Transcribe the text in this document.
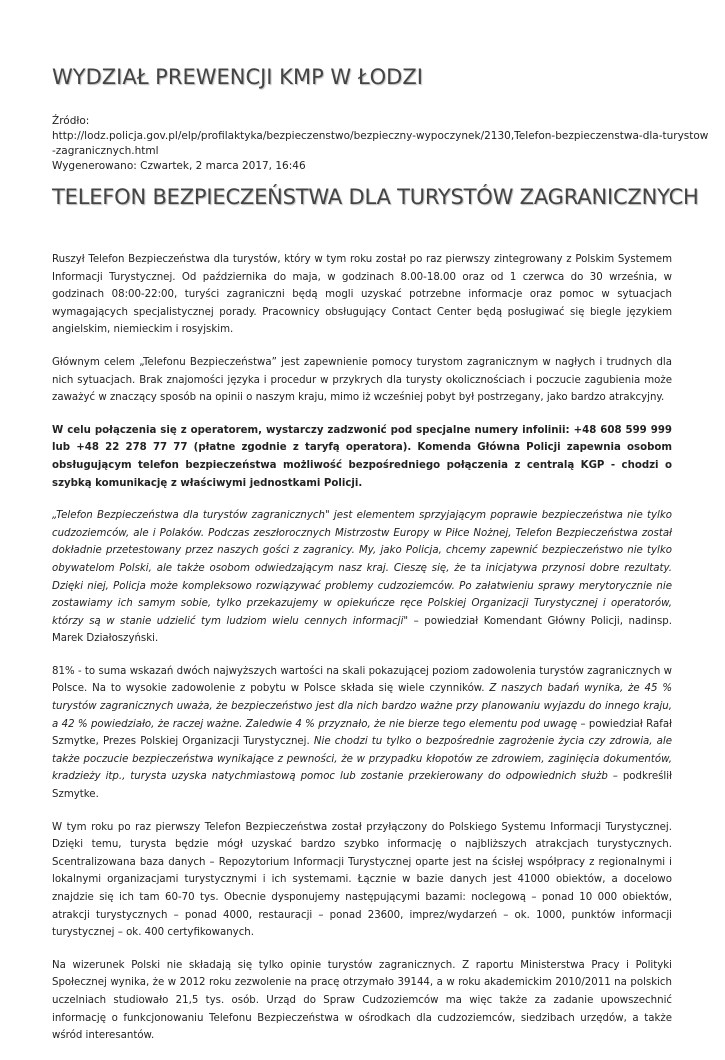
WYDZIAŁ PREWENCJI KMP W ŁODZI
Źródło:
http://lodz.policja.gov.pl/elp/profilaktyka/bezpieczenstwo/bezpieczny-wypoczynek/2130,Telefon-bezpieczenstwa-dla-turystow
-zagranicznych.html
Wygenerowano: Czwartek, 2 marca 2017, 16:46
TELEFON BEZPIECZEŃSTWA DLA TURYSTÓW ZAGRANICZNYCH

Ruszył Telefon Bezpieczeństwa dla turystów, który w tym roku został po raz pierwszy zintegrowany z Polskim Systemem Informacji Turystycznej. Od października do maja, w godzinach 8.00-18.00 oraz od 1 czerwca do 30 września, w godzinach 08:00-22:00, turyści zagraniczni będą mogli uzyskać potrzebne informacje oraz pomoc w sytuacjach wymagających specjalistycznej porady. Pracownicy obsługujący Contact Center będą posługiwać się biegle językiem angielskim, niemieckim i rosyjskim.

Głównym celem „Telefonu Bezpieczeństwa” jest zapewnienie pomocy turystom zagranicznym w nagłych i trudnych dla nich sytuacjach. Brak znajomości języka i procedur w przykrych dla turysty okolicznościach i poczucie zagubienia może zaważyć w znaczący sposób na opinii o naszym kraju, mimo iż wcześniej pobyt był postrzegany, jako bardzo atrakcyjny.

W celu połączenia się z operatorem, wystarczy zadzwonić pod specjalne numery infolinii: +48 608 599 999 lub +48 22 278 77 77 (płatne zgodnie z taryfą operatora). Komenda Główna Policji zapewnia osobom obsługującym telefon bezpieczeństwa możliwość bezpośredniego połączenia z centralą KGP - chodzi o szybką komunikację z właściwymi jednostkami Policji.

„Telefon Bezpieczeństwa dla turystów zagranicznych" jest elementem sprzyjającym poprawie bezpieczeństwa nie tylko cudzoziemców, ale i Polaków. Podczas zeszłorocznych Mistrzostw Europy w Piłce Nożnej, Telefon Bezpieczeństwa został dokładnie przetestowany przez naszych gości z zagranicy. My, jako Policja, chcemy zapewnić bezpieczeństwo nie tylko obywatelom Polski, ale także osobom odwiedzającym nasz kraj. Cieszę się, że ta inicjatywa przynosi dobre rezultaty. Dzięki niej, Policja może kompleksowo rozwiązywać problemy cudzoziemców. Po załatwieniu sprawy merytorycznie nie zostawiamy ich samym sobie, tylko przekazujemy w opiekuńcze ręce Polskiej Organizacji Turystycznej i operatorów, którzy są w stanie udzielić tym ludziom wielu cennych informacji" – powiedział Komendant Główny Policji, nadinsp. Marek Działoszyński.

81% - to suma wskazań dwóch najwyższych wartości na skali pokazującej poziom zadowolenia turystów zagranicznych w Polsce. Na to wysokie zadowolenie z pobytu w Polsce składa się wiele czynników. Z naszych badań wynika, że 45 % turystów zagranicznych uważa, że bezpieczeństwo jest dla nich bardzo ważne przy planowaniu wyjazdu do innego kraju, a 42 % powiedziało, że raczej ważne. Zaledwie 4 % przyznało, że nie bierze tego elementu pod uwagę – powiedział Rafał Szmytke, Prezes Polskiej Organizacji Turystycznej. Nie chodzi tu tylko o bezpośrednie zagrożenie życia czy zdrowia, ale także poczucie bezpieczeństwa wynikające z pewności, że w przypadku kłopotów ze zdrowiem, zaginięcia dokumentów, kradzieży itp., turysta uzyska natychmiastową pomoc lub zostanie przekierowany do odpowiednich służb – podkreślił Szmytke.

W tym roku po raz pierwszy Telefon Bezpieczeństwa został przyłączony do Polskiego Systemu Informacji Turystycznej. Dzięki temu, turysta będzie mógł uzyskać bardzo szybko informację o najbliższych atrakcjach turystycznych. Scentralizowana baza danych – Repozytorium Informacji Turystycznej oparte jest na ścisłej współpracy z regionalnymi i lokalnymi organizacjami turystycznymi i ich systemami. Łącznie w bazie danych jest 41000 obiektów, a docelowo znajdzie się ich tam 60-70 tys. Obecnie dysponujemy następującymi bazami: noclegową – ponad 10 000 obiektów, atrakcji turystycznych – ponad 4000, restauracji – ponad 23600, imprez/wydarzeń – ok. 1000, punktów informacji turystycznej – ok. 400 certyfikowanych.

Na wizerunek Polski nie składają się tylko opinie turystów zagranicznych. Z raportu Ministerstwa Pracy i Polityki Społecznej wynika, że w 2012 roku zezwolenie na pracę otrzymało 39144, a w roku akademickim 2010/2011 na polskich uczelniach studiowało 21,5 tys. osób. Urząd do Spraw Cudzoziemców ma więc także za zadanie upowszechnić informację o funkcjonowaniu Telefonu Bezpieczeństwa w ośrodkach dla cudzoziemców, siedzibach urzędów, a także wśród interesantów.
